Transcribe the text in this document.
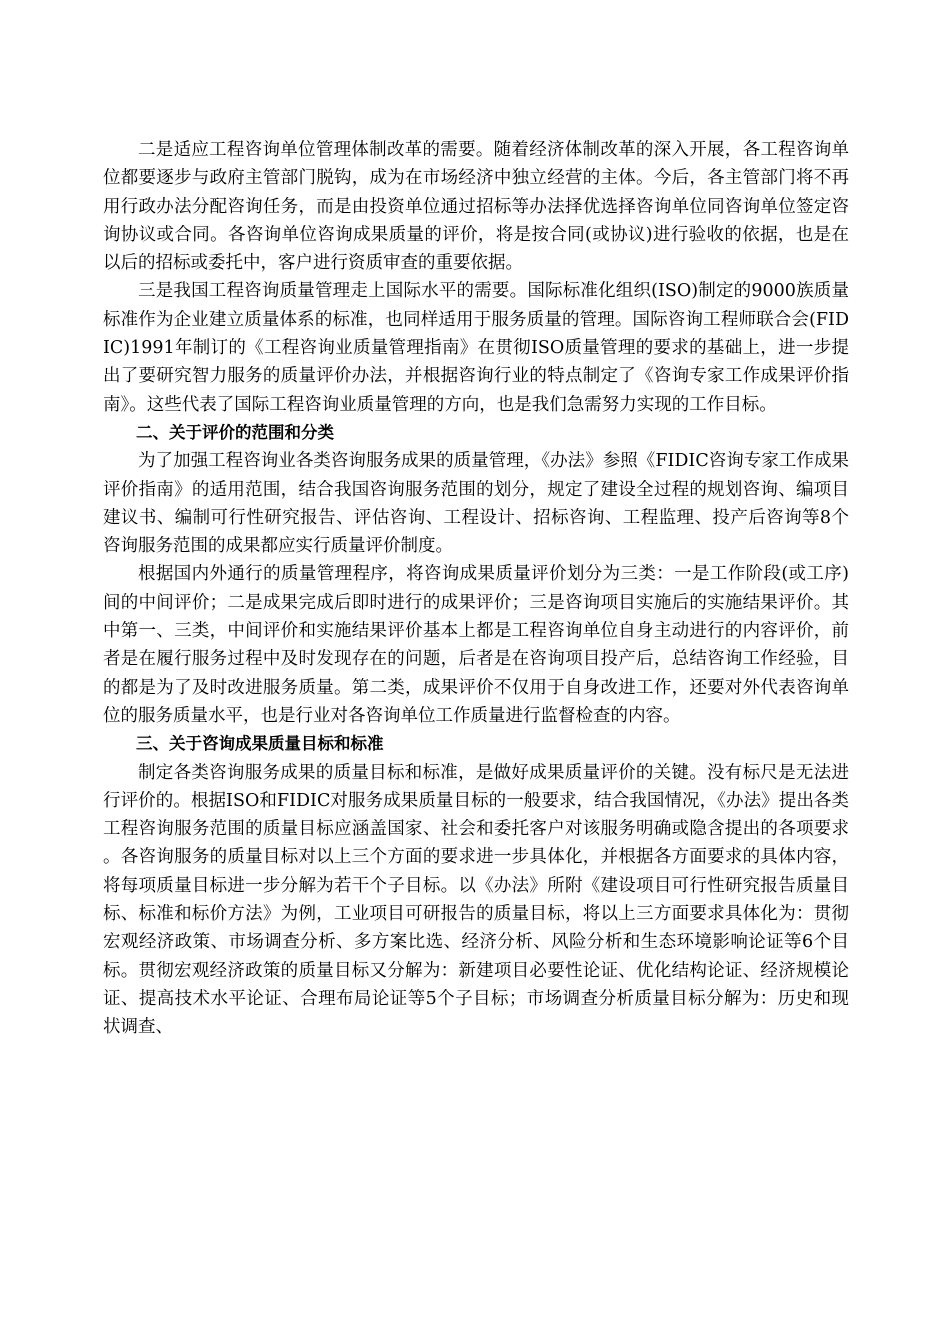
二是适应工程咨询单位管理体制改革的需要。随着经济体制改革的深入开展，各工程咨询单位都要逐步与政府主管部门脱钩，成为在市场经济中独立经营的主体。今后，各主管部门将不再用行政办法分配咨询任务，而是由投资单位通过招标等办法择优选择咨询单位同咨询单位签定咨询协议或合同。各咨询单位咨询成果质量的评价，将是按合同(或协议)进行验收的依据，也是在以后的招标或委托中，客户进行资质审查的重要依据。

三是我国工程咨询质量管理走上国际水平的需要。国际标准化组织(ISO)制定的9000族质量标准作为企业建立质量体系的标准，也同样适用于服务质量的管理。国际咨询工程师联合会(FIDIC)1991年制订的《工程咨询业质量管理指南》在贯彻ISO质量管理的要求的基础上，进一步提出了要研究智力服务的质量评价办法，并根据咨询行业的特点制定了《咨询专家工作成果评价指南》。这些代表了国际工程咨询业质量管理的方向，也是我们急需努力实现的工作目标。

二、关于评价的范围和分类

为了加强工程咨询业各类咨询服务成果的质量管理，《办法》参照《FIDIC咨询专家工作成果评价指南》的适用范围，结合我国咨询服务范围的划分，规定了建设全过程的规划咨询、编项目建议书、编制可行性研究报告、评估咨询、工程设计、招标咨询、工程监理、投产后咨询等8个咨询服务范围的成果都应实行质量评价制度。

根据国内外通行的质量管理程序，将咨询成果质量评价划分为三类：一是工作阶段(或工序)间的中间评价；二是成果完成后即时进行的成果评价；三是咨询项目实施后的实施结果评价。其中第一、三类，中间评价和实施结果评价基本上都是工程咨询单位自身主动进行的内容评价，前者是在履行服务过程中及时发现存在的问题，后者是在咨询项目投产后，总结咨询工作经验，目的都是为了及时改进服务质量。第二类，成果评价不仅用于自身改进工作，还要对外代表咨询单位的服务质量水平，也是行业对各咨询单位工作质量进行监督检查的内容。

三、关于咨询成果质量目标和标准

制定各类咨询服务成果的质量目标和标准，是做好成果质量评价的关键。没有标尺是无法进行评价的。根据ISO和FIDIC对服务成果质量目标的一般要求，结合我国情况，《办法》提出各类工程咨询服务范围的质量目标应涵盖国家、社会和委托客户对该服务明确或隐含提出的各项要求。各咨询服务的质量目标对以上三个方面的要求进一步具体化，并根据各方面要求的具体内容，将每项质量目标进一步分解为若干个子目标。以《办法》所附《建设项目可行性研究报告质量目标、标准和标价方法》为例，工业项目可研报告的质量目标，将以上三方面要求具体化为：贯彻宏观经济政策、市场调查分析、多方案比选、经济分析、风险分析和生态环境影响论证等6个目标。贯彻宏观经济政策的质量目标又分解为：新建项目必要性论证、优化结构论证、经济规模论证、提高技术水平论证、合理布局论证等5个子目标；市场调查分析质量目标分解为：历史和现状调查、
